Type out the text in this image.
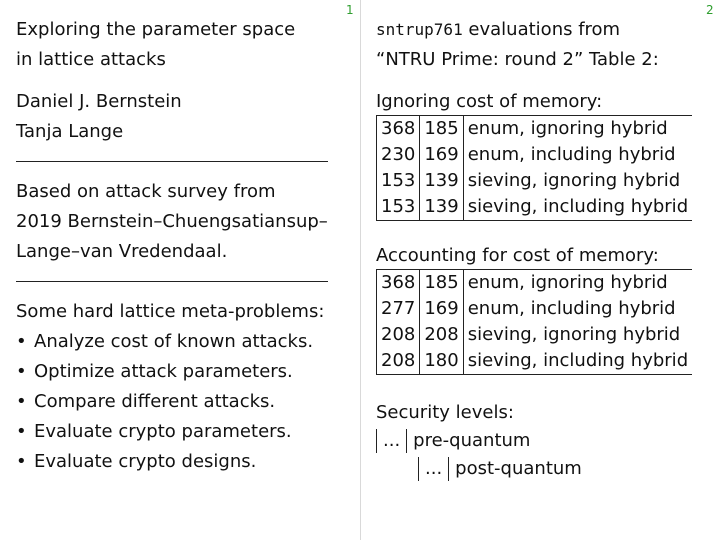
1	2
Exploring the parameter space
in lattice attacks
Daniel J. Bernstein
Tanja Lange
Based on attack survey from
2019 Bernstein–Chuengsatiansup–
Lange–van Vredendaal.
Some hard lattice meta-problems:
• Analyze cost of known attacks.
• Optimize attack parameters.
• Compare different attacks.
• Evaluate crypto parameters.
• Evaluate crypto designs.
sntrup761 evaluations from
“NTRU Prime: round 2” Table 2:
Ignoring cost of memory:
368	185	enum, ignoring hybrid
230	169	enum, including hybrid
153	139	sieving, ignoring hybrid
153	139	sieving, including hybrid
Accounting for cost of memory:
368	185	enum, ignoring hybrid
277	169	enum, including hybrid
208	208	sieving, ignoring hybrid
208	180	sieving, including hybrid
Security levels:
... pre-quantum
... post-quantum
